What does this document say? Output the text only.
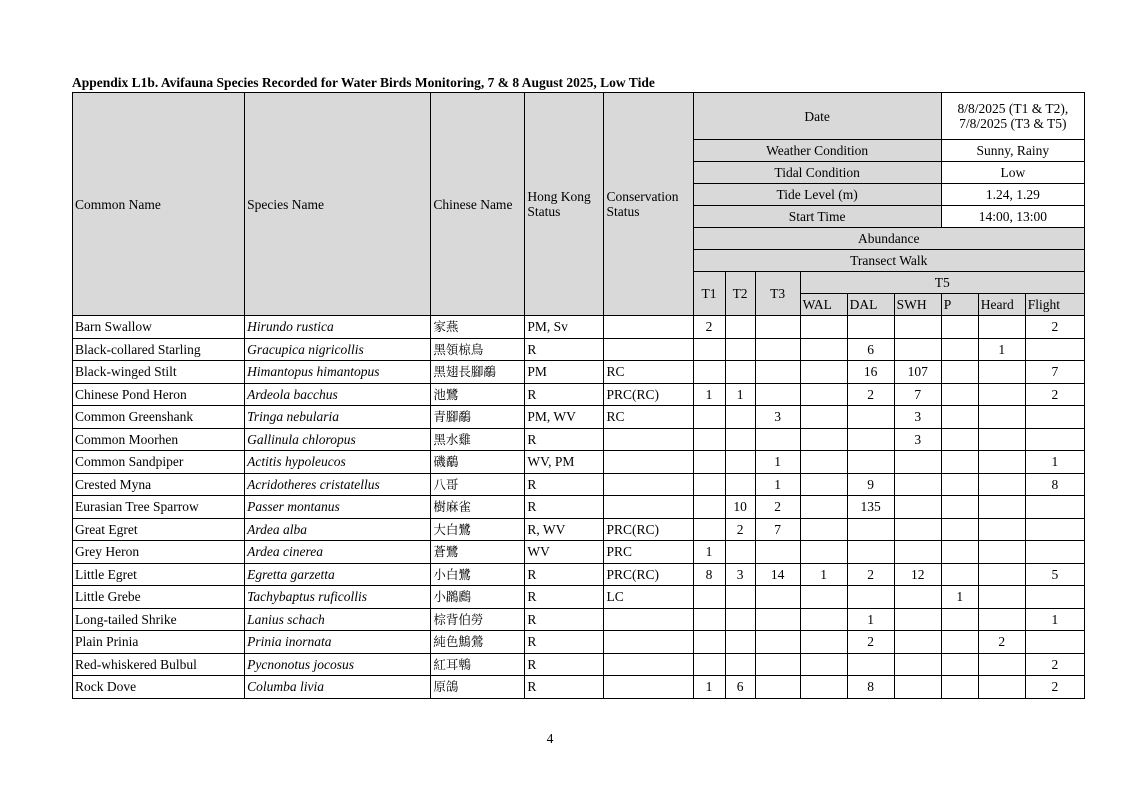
Appendix L1b. Avifauna Species Recorded for Water Birds Monitoring, 7 & 8 August 2025, Low Tide
Common Name	Species Name	Chinese Name	Hong Kong Status	Conservation Status	Date						8/8/2025 (T1 & T2), 7/8/2025 (T3 & T5)		
					Weather Condition						Sunny, Rainy		
					Tidal Condition						Low		
					Tide Level (m)						1.24, 1.29		
					Start Time						14:00, 13:00		
					Abundance								
					Transect Walk								
					T1	T2	T3	T5					
								WAL	DAL	SWH	P	Heard	Flight
Barn Swallow	Hirundo rustica	家燕	PM, Sv		2								2
Black-collared Starling	Gracupica nigricollis	黑領椋鳥	R						6			1	
Black-winged Stilt	Himantopus himantopus	黑翅長腳鷸	PM	RC					16	107			7
Chinese Pond Heron	Ardeola bacchus	池鷺	R	PRC(RC)	1	1			2	7			2
Common Greenshank	Tringa nebularia	青腳鷸	PM, WV	RC			3			3			
Common Moorhen	Gallinula chloropus	黑水雞	R							3			
Common Sandpiper	Actitis hypoleucos	磯鷸	WV, PM				1						1
Crested Myna	Acridotheres cristatellus	八哥	R				1		9				8
Eurasian Tree Sparrow	Passer montanus	樹麻雀	R			10	2		135				
Great Egret	Ardea alba	大白鷺	R, WV	PRC(RC)		2	7						
Grey Heron	Ardea cinerea	蒼鷺	WV	PRC	1								
Little Egret	Egretta garzetta	小白鷺	R	PRC(RC)	8	3	14	1	2	12			5
Little Grebe	Tachybaptus ruficollis	小鸊鷉	R	LC							1		
Long-tailed Shrike	Lanius schach	棕背伯勞	R						1				1
Plain Prinia	Prinia inornata	純色鷦鶯	R						2			2	
Red-whiskered Bulbul	Pycnonotus jocosus	紅耳鵯	R										2
Rock Dove	Columba livia	原鴿	R		1	6			8				2
4
